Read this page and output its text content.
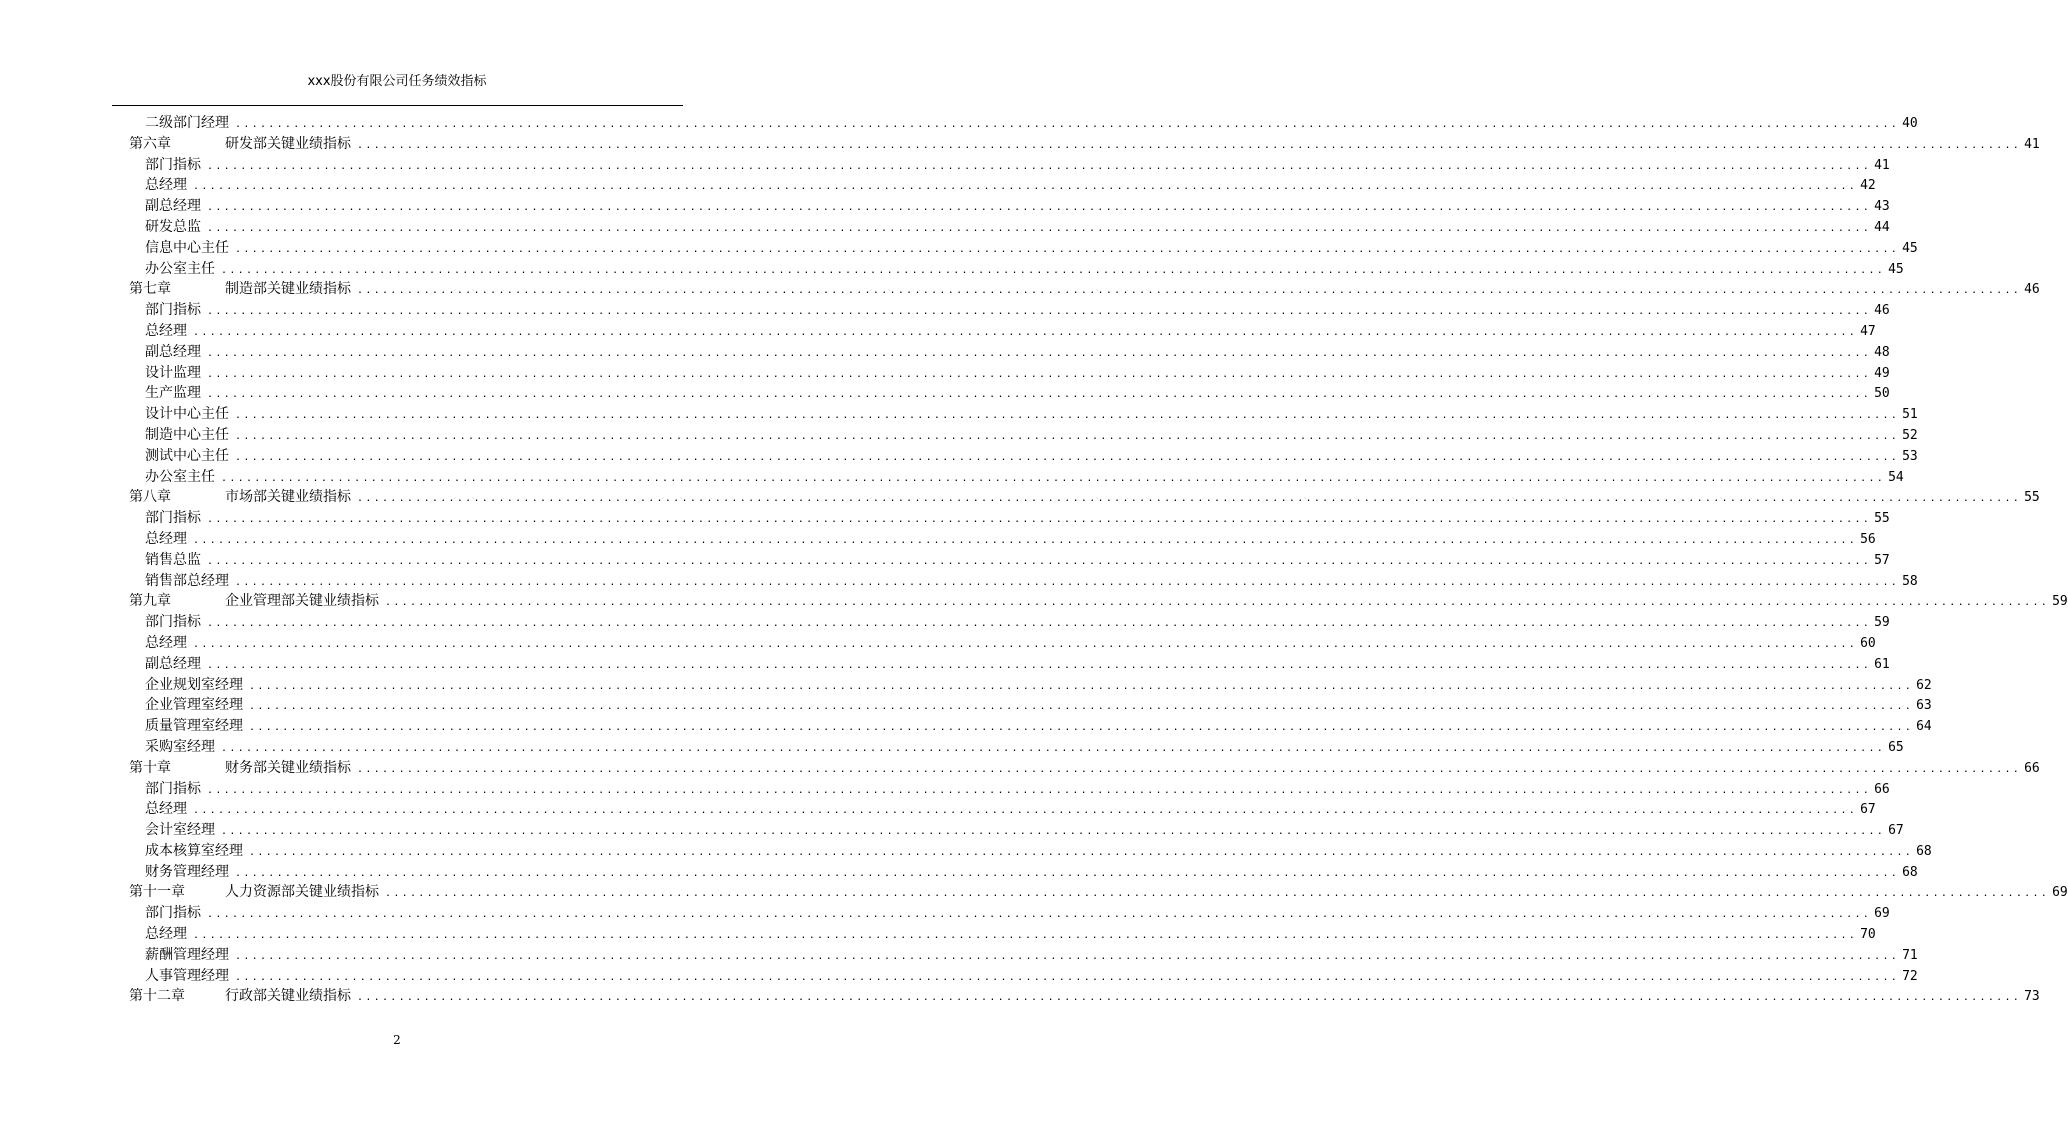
xxx股份有限公司任务绩效指标
二级部门经理 ........................................................................................................................................................................................................ 40
第六章	研发部关键业绩指标 ........................................................................................................................................................................................................ 41
部门指标 ........................................................................................................................................................................................................ 41
总经理 ........................................................................................................................................................................................................ 42
副总经理 ........................................................................................................................................................................................................ 43
研发总监 ........................................................................................................................................................................................................ 44
信息中心主任 ........................................................................................................................................................................................................ 45
办公室主任 ........................................................................................................................................................................................................ 45
第七章	制造部关键业绩指标 ........................................................................................................................................................................................................ 46
部门指标 ........................................................................................................................................................................................................ 46
总经理 ........................................................................................................................................................................................................ 47
副总经理 ........................................................................................................................................................................................................ 48
设计监理 ........................................................................................................................................................................................................ 49
生产监理 ........................................................................................................................................................................................................ 50
设计中心主任 ........................................................................................................................................................................................................ 51
制造中心主任 ........................................................................................................................................................................................................ 52
测试中心主任 ........................................................................................................................................................................................................ 53
办公室主任 ........................................................................................................................................................................................................ 54
第八章	市场部关键业绩指标 ........................................................................................................................................................................................................ 55
部门指标 ........................................................................................................................................................................................................ 55
总经理 ........................................................................................................................................................................................................ 56
销售总监 ........................................................................................................................................................................................................ 57
销售部总经理 ........................................................................................................................................................................................................ 58
第九章	企业管理部关键业绩指标 ........................................................................................................................................................................................................ 59
部门指标 ........................................................................................................................................................................................................ 59
总经理 ........................................................................................................................................................................................................ 60
副总经理 ........................................................................................................................................................................................................ 61
企业规划室经理 ........................................................................................................................................................................................................ 62
企业管理室经理 ........................................................................................................................................................................................................ 63
质量管理室经理 ........................................................................................................................................................................................................ 64
采购室经理 ........................................................................................................................................................................................................ 65
第十章	财务部关键业绩指标 ........................................................................................................................................................................................................ 66
部门指标 ........................................................................................................................................................................................................ 66
总经理 ........................................................................................................................................................................................................ 67
会计室经理 ........................................................................................................................................................................................................ 67
成本核算室经理 ........................................................................................................................................................................................................ 68
财务管理经理 ........................................................................................................................................................................................................ 68
第十一章	人力资源部关键业绩指标 ........................................................................................................................................................................................................ 69
部门指标 ........................................................................................................................................................................................................ 69
总经理 ........................................................................................................................................................................................................ 70
薪酬管理经理 ........................................................................................................................................................................................................ 71
人事管理经理 ........................................................................................................................................................................................................ 72
第十二章	行政部关键业绩指标 ........................................................................................................................................................................................................ 73
2
